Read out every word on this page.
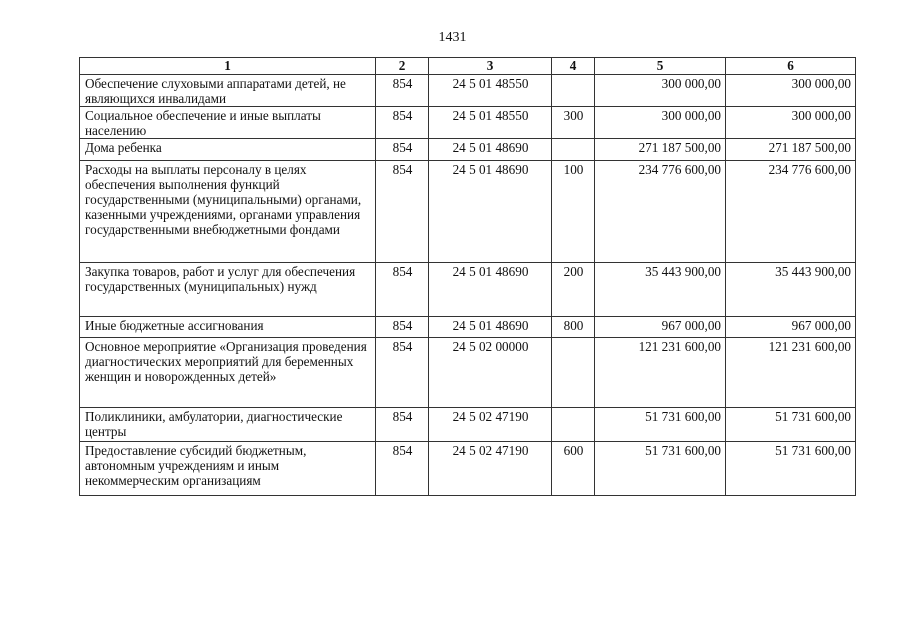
1431
1	2	3	4	5	6
Обеспечение слуховыми аппаратами детей, не являющихся инвалидами	854	24 5 01 48550		300 000,00	300 000,00
Социальное обеспечение и иные выплаты населению	854	24 5 01 48550	300	300 000,00	300 000,00
Дома ребенка	854	24 5 01 48690		271 187 500,00	271 187 500,00
Расходы на выплаты персоналу в целях обеспечения выполнения функций государственными (муниципальными) органами, казенными учреждениями, органами управления государственными внебюджетными фондами	854	24 5 01 48690	100	234 776 600,00	234 776 600,00
Закупка товаров, работ и услуг для обеспечения государственных (муниципальных) нужд	854	24 5 01 48690	200	35 443 900,00	35 443 900,00
Иные бюджетные ассигнования	854	24 5 01 48690	800	967 000,00	967 000,00
Основное мероприятие «Организация проведения диагностических мероприятий для беременных женщин и новорожденных детей»	854	24 5 02 00000		121 231 600,00	121 231 600,00
Поликлиники, амбулатории, диагностические центры	854	24 5 02 47190		51 731 600,00	51 731 600,00
Предоставление субсидий бюджетным, автономным учреждениям и иным некоммерческим организациям	854	24 5 02 47190	600	51 731 600,00	51 731 600,00
